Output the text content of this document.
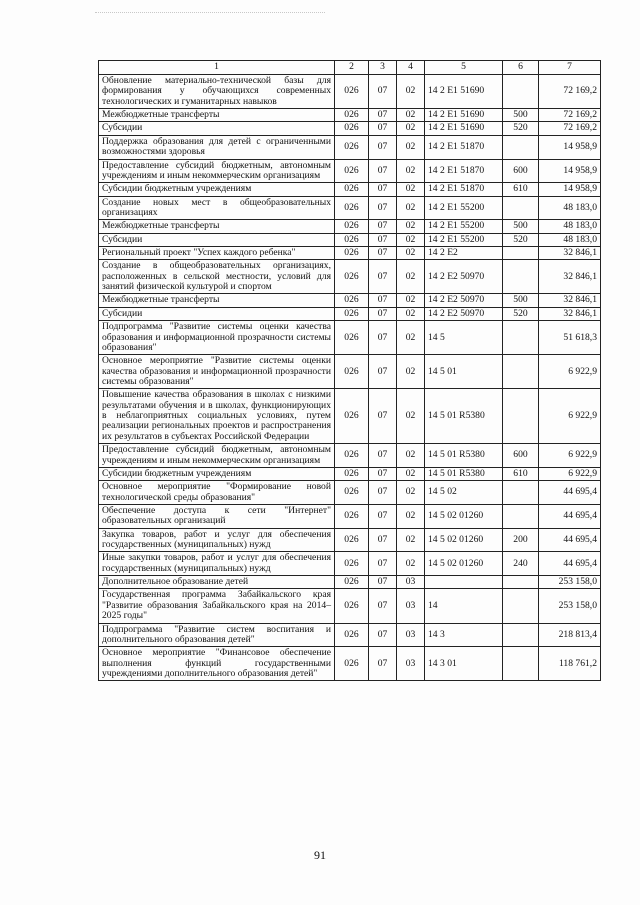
1	2	3	4	5	6	7
Обновление материально-технической базы для формирования у обучающихся современных технологических и гуманитарных навыков	026	07	02	14 2 E1 51690		72 169,2
Межбюджетные трансферты	026	07	02	14 2 E1 51690	500	72 169,2
Субсидии	026	07	02	14 2 E1 51690	520	72 169,2
Поддержка образования для детей с ограниченными возможностями здоровья	026	07	02	14 2 E1 51870		14 958,9
Предоставление субсидий бюджетным, автономным учреждениям и иным некоммерческим организациям	026	07	02	14 2 E1 51870	600	14 958,9
Субсидии бюджетным учреждениям	026	07	02	14 2 E1 51870	610	14 958,9
Создание новых мест в общеобразовательных организациях	026	07	02	14 2 E1 55200		48 183,0
Межбюджетные трансферты	026	07	02	14 2 E1 55200	500	48 183,0
Субсидии	026	07	02	14 2 E1 55200	520	48 183,0
Региональный проект "Успех каждого ребенка"	026	07	02	14 2 E2		32 846,1
Создание в общеобразовательных организациях, расположенных в сельской местности, условий для занятий физической культурой и спортом	026	07	02	14 2 E2 50970		32 846,1
Межбюджетные трансферты	026	07	02	14 2 E2 50970	500	32 846,1
Субсидии	026	07	02	14 2 E2 50970	520	32 846,1
Подпрограмма "Развитие системы оценки качества образования и информационной прозрачности системы образования"	026	07	02	14 5		51 618,3
Основное мероприятие "Развитие системы оценки качества образования и информационной прозрачности системы образования"	026	07	02	14 5 01		6 922,9
Повышение качества образования в школах с низкими результатами обучения и в школах, функционирующих в неблагоприятных социальных условиях, путем реализации региональных проектов и распространения их результатов в субъектах Российской Федерации	026	07	02	14 5 01 R5380		6 922,9
Предоставление субсидий бюджетным, автономным учреждениям и иным некоммерческим организациям	026	07	02	14 5 01 R5380	600	6 922,9
Субсидии бюджетным учреждениям	026	07	02	14 5 01 R5380	610	6 922,9
Основное мероприятие "Формирование новой технологической среды образования"	026	07	02	14 5 02		44 695,4
Обеспечение доступа к сети "Интернет" образовательных организаций	026	07	02	14 5 02 01260		44 695,4
Закупка товаров, работ и услуг для обеспечения государственных (муниципальных) нужд	026	07	02	14 5 02 01260	200	44 695,4
Иные закупки товаров, работ и услуг для обеспечения государственных (муниципальных) нужд	026	07	02	14 5 02 01260	240	44 695,4
Дополнительное образование детей	026	07	03			253 158,0
Государственная программа Забайкальского края "Развитие образования Забайкальского края на 2014–2025 годы"	026	07	03	14		253 158,0
Подпрограмма "Развитие систем воспитания и дополнительного образования детей"	026	07	03	14 3		218 813,4
Основное мероприятие "Финансовое обеспечение выполнения функций государственными учреждениями дополнительного образования детей"	026	07	03	14 3 01		118 761,2
91
